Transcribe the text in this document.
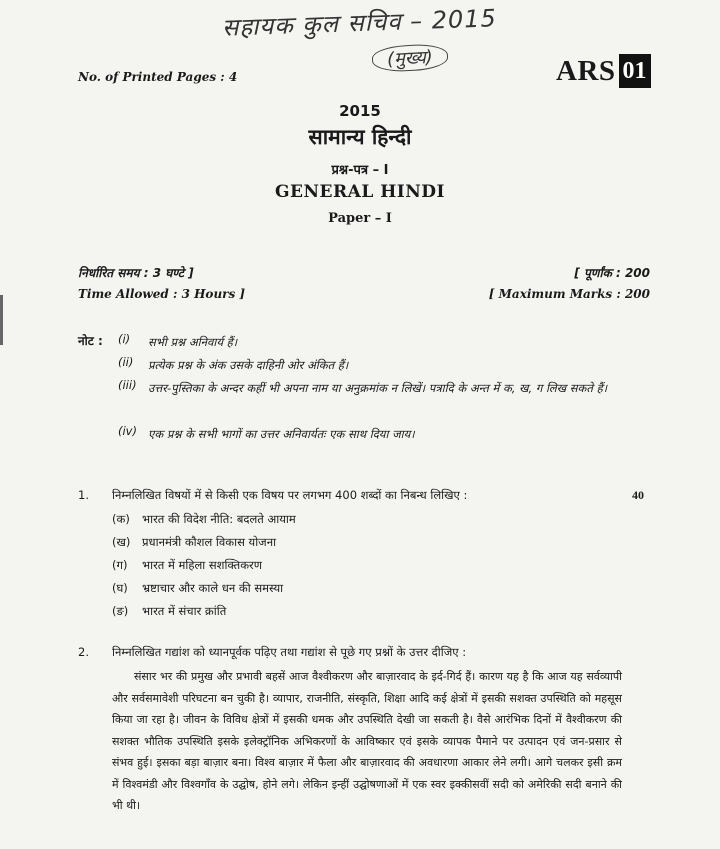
सहायक कुल सचिव – 2015
(मुख्य)
No. of Printed Pages : 4	ARS 01
2015
सामान्य हिन्दी
प्रश्न-पत्र – I
GENERAL HINDI
Paper – I
निर्धारित समय : 3 घण्टे ]	[ पूर्णांक : 200
Time Allowed : 3 Hours ]	[ Maximum Marks : 200
नोट : (i)	सभी प्रश्न अनिवार्य हैं।
(ii)	प्रत्येक प्रश्न के अंक उसके दाहिनी ओर अंकित हैं।
(iii) उत्तर-पुस्तिका के अन्दर कहीं भी अपना नाम या अनुक्रमांक न लिखें। पत्रादि के अन्त में क, ख, ग लिख सकते हैं।
(iv) एक प्रश्न के सभी भागों का उत्तर अनिवार्यतः एक साथ दिया जाय।
1. निम्नलिखित विषयों में से किसी एक विषय पर लगभग 400 शब्दों का निबन्ध लिखिए :	40
(क)	भारत की विदेश नीति: बदलते आयाम
(ख)	प्रधानमंत्री कौशल विकास योजना
(ग)	भारत में महिला सशक्तिकरण
(घ)	भ्रष्टाचार और काले धन की समस्या
(ङ)	भारत में संचार क्रांति
2. निम्नलिखित गद्यांश को ध्यानपूर्वक पढ़िए तथा गद्यांश से पूछे गए प्रश्नों के उत्तर दीजिए :
संसार भर की प्रमुख और प्रभावी बहसें आज वैश्वीकरण और बाज़ारवाद के इर्द-गिर्द हैं। कारण यह है कि आज यह सर्वव्यापी और सर्वसमावेशी परिघटना बन चुकी है। व्यापार, राजनीति, संस्कृति, शिक्षा आदि कई क्षेत्रों में इसकी सशक्त उपस्थिति को महसूस किया जा रहा है। जीवन के विविध क्षेत्रों में इसकी धमक और उपस्थिति देखी जा सकती है। वैसे आरंभिक दिनों में वैश्वीकरण की सशक्त भौतिक उपस्थिति इसके इलेक्ट्रॉनिक अभिकरणों के आविष्कार एवं इसके व्यापक पैमाने पर उत्पादन एवं जन-प्रसार से संभव हुई। इसका बड़ा बाज़ार बना। विश्व बाज़ार में फैला और बाज़ारवाद की अवधारणा आकार लेने लगी। आगे चलकर इसी क्रम में विश्वमंडी और विश्वगाँव के उद्घोष, होने लगे। लेकिन इन्हीं उद्घोषणाओं में एक स्वर इक्कीसवीं सदी को अमेरिकी सदी बनाने की भी थी।
